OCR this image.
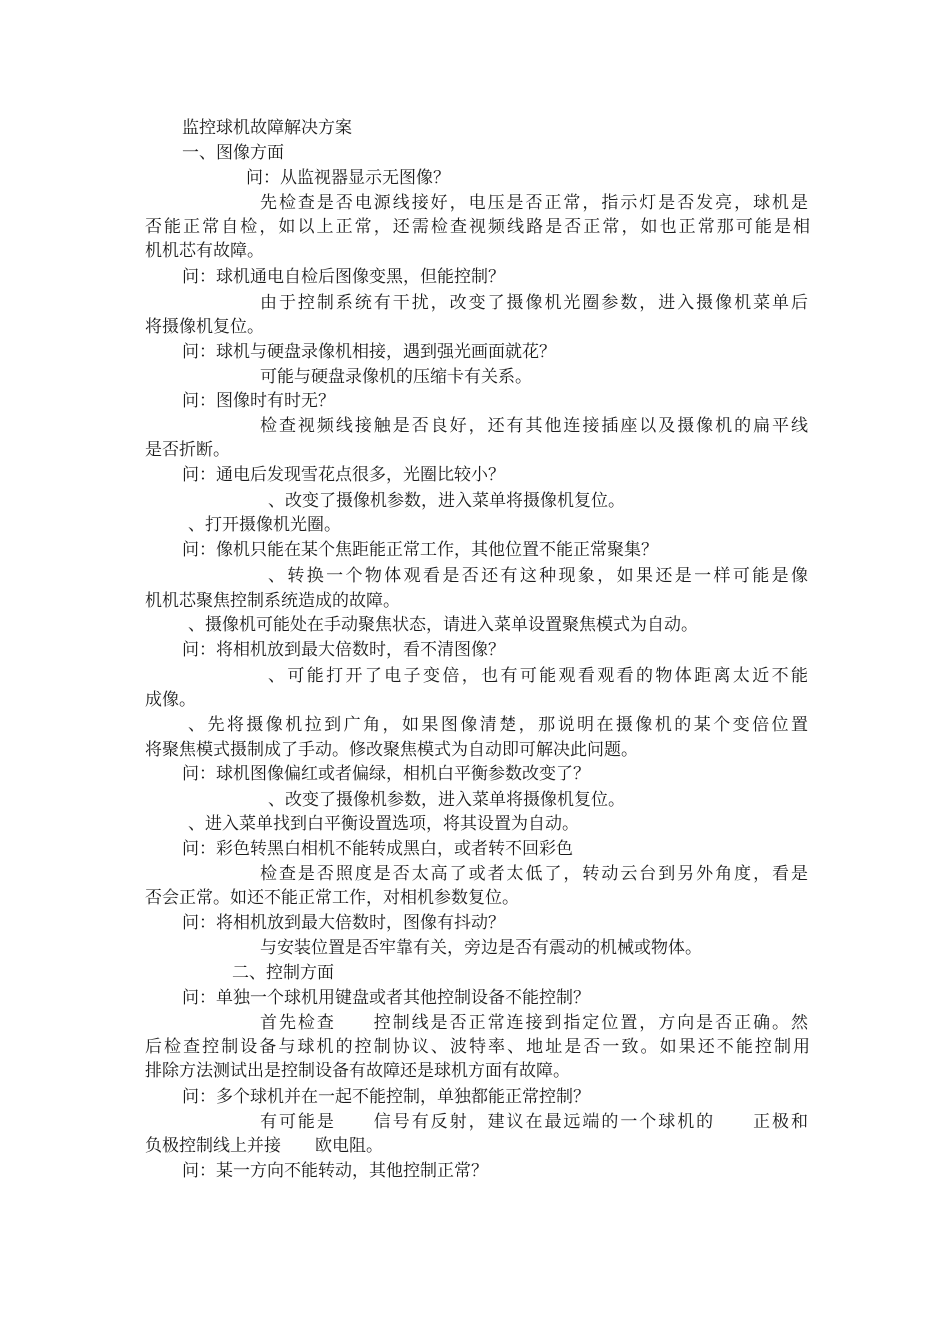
监控球机故障解决方案
一、图像方面
问：从监视器显示无图像？
先检查是否电源线接好，电压是否正常，指示灯是否发亮，球机是
否能正常自检，如以上正常，还需检查视频线路是否正常，如也正常那可能是相
机机芯有故障。
问：球机通电自检后图像变黑，但能控制？
由于控制系统有干扰，改变了摄像机光圈参数，进入摄像机菜单后
将摄像机复位。
问：球机与硬盘录像机相接，遇到强光画面就花？
可能与硬盘录像机的压缩卡有关系。
问：图像时有时无？
检查视频线接触是否良好，还有其他连接插座以及摄像机的扁平线
是否折断。
问：通电后发现雪花点很多，光圈比较小？
、改变了摄像机参数，进入菜单将摄像机复位。
、打开摄像机光圈。
问：像机只能在某个焦距能正常工作，其他位置不能正常聚集？
、转换一个物体观看是否还有这种现象，如果还是一样可能是像
机机芯聚焦控制系统造成的故障。
、摄像机可能处在手动聚焦状态，请进入菜单设置聚焦模式为自动。
问：将相机放到最大倍数时，看不清图像？
、可能打开了电子变倍，也有可能观看观看的物体距离太近不能
成像。
、先将摄像机拉到广角，如果图像清楚，那说明在摄像机的某个变倍位置
将聚焦模式摄制成了手动。修改聚焦模式为自动即可解决此问题。
问：球机图像偏红或者偏绿，相机白平衡参数改变了？
、改变了摄像机参数，进入菜单将摄像机复位。
、进入菜单找到白平衡设置选项，将其设置为自动。
问：彩色转黑白相机不能转成黑白，或者转不回彩色
检查是否照度是否太高了或者太低了，转动云台到另外角度，看是
否会正常。如还不能正常工作，对相机参数复位。
问：将相机放到最大倍数时，图像有抖动？
与安装位置是否牢靠有关，旁边是否有震动的机械或物体。
二、控制方面
问：单独一个球机用键盘或者其他控制设备不能控制？
首先检查　　控制线是否正常连接到指定位置，方向是否正确。然
后检查控制设备与球机的控制协议、波特率、地址是否一致。如果还不能控制用
排除方法测试出是控制设备有故障还是球机方面有故障。
问：多个球机并在一起不能控制，单独都能正常控制？
有可能是　　信号有反射，建议在最远端的一个球机的　　正极和
负极控制线上并接　　欧电阻。
问：某一方向不能转动，其他控制正常？
